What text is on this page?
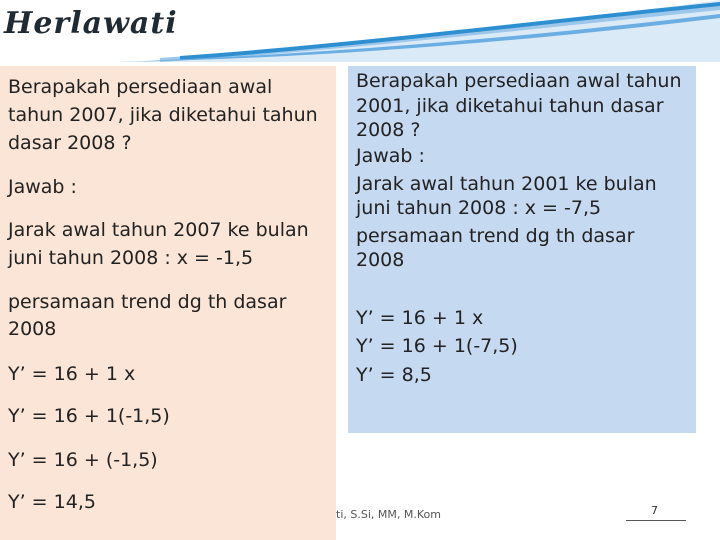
Herlawati
Berapakah persediaan awal
tahun 2007, jika diketahui tahun
dasar 2008 ?
Jawab :
Jarak awal tahun 2007 ke bulan
juni tahun 2008 : x = -1,5
persamaan trend dg th dasar
2008
Y’ = 16 + 1 x
Y’ = 16 + 1(-1,5)
Y’ = 16 + (-1,5)
Y’ = 14,5
Berapakah persediaan awal tahun
2001, jika diketahui tahun dasar
2008 ?
Jawab :
Jarak awal tahun 2001 ke bulan
juni tahun 2008 : x = -7,5
persamaan trend dg th dasar
2008
Y’ = 16 + 1 x
Y’ = 16 + 1(-7,5)
Y’ = 8,5
ti, S.Si, MM, M.Kom	7
